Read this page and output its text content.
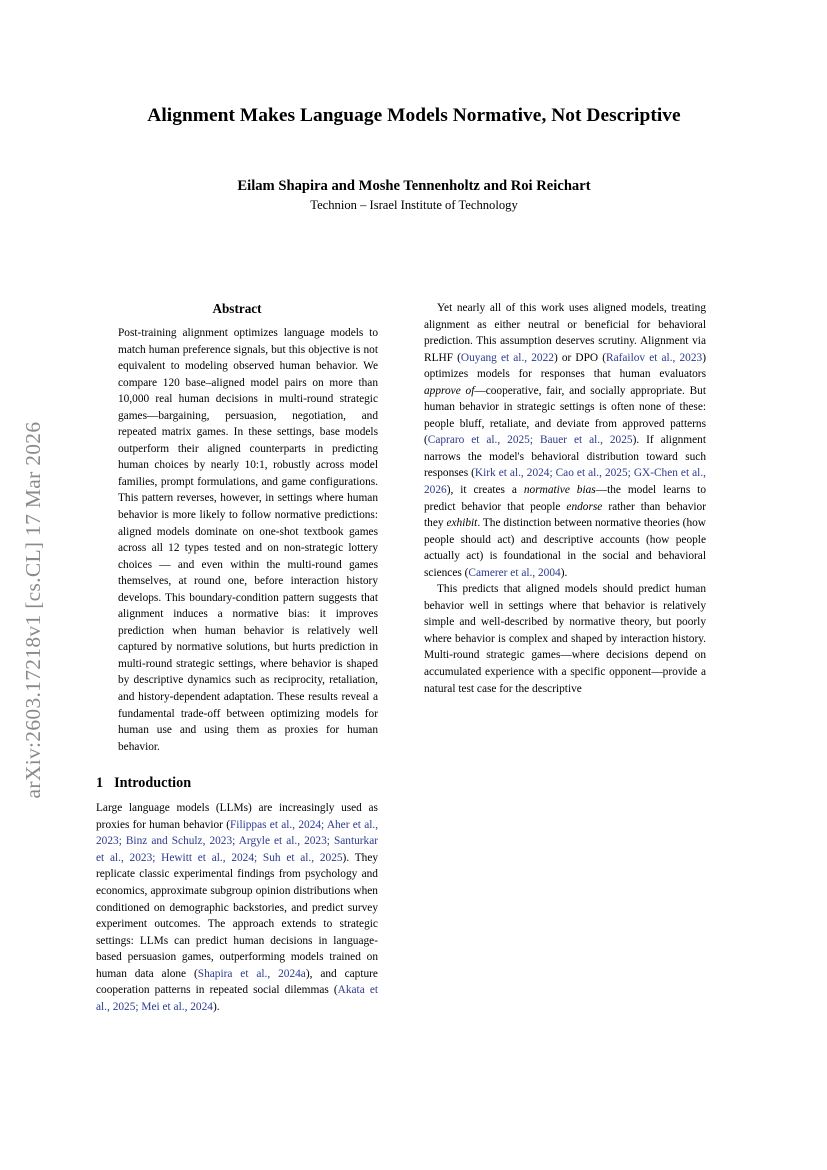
arXiv:2603.17218v1 [cs.CL] 17 Mar 2026
Alignment Makes Language Models Normative, Not Descriptive
Eilam Shapira and Moshe Tennenholtz and Roi Reichart
Technion – Israel Institute of Technology
Abstract

Post-training alignment optimizes language models to match human preference signals, but this objective is not equivalent to modeling observed human behavior. We compare 120 base–aligned model pairs on more than 10,000 real human decisions in multi-round strategic games—bargaining, persuasion, negotiation, and repeated matrix games. In these settings, base models outperform their aligned counterparts in predicting human choices by nearly 10:1, robustly across model families, prompt formulations, and game configurations. This pattern reverses, however, in settings where human behavior is more likely to follow normative predictions: aligned models dominate on one-shot textbook games across all 12 types tested and on non-strategic lottery choices — and even within the multi-round games themselves, at round one, before interaction history develops. This boundary-condition pattern suggests that alignment induces a normative bias: it improves prediction when human behavior is relatively well captured by normative solutions, but hurts prediction in multi-round strategic settings, where behavior is shaped by descriptive dynamics such as reciprocity, retaliation, and history-dependent adaptation. These results reveal a fundamental trade-off between optimizing models for human use and using them as proxies for human behavior.

1 Introduction

Large language models (LLMs) are increasingly used as proxies for human behavior (Filippas et al., 2024; Aher et al., 2023; Binz and Schulz, 2023; Argyle et al., 2023; Santurkar et al., 2023; Hewitt et al., 2024; Suh et al., 2025). They replicate classic experimental findings from psychology and economics, approximate subgroup opinion distributions when conditioned on demographic backstories, and predict survey experiment outcomes. The approach extends to strategic settings: LLMs can predict human decisions in language-based persuasion games, outperforming models trained on human data alone (Shapira et al., 2024a), and capture cooperation patterns in repeated social dilemmas (Akata et al., 2025; Mei et al., 2024).

Yet nearly all of this work uses aligned models, treating alignment as either neutral or beneficial for behavioral prediction. This assumption deserves scrutiny. Alignment via RLHF (Ouyang et al., 2022) or DPO (Rafailov et al., 2023) optimizes models for responses that human evaluators approve of—cooperative, fair, and socially appropriate. But human behavior in strategic settings is often none of these: people bluff, retaliate, and deviate from approved patterns (Capraro et al., 2025; Bauer et al., 2025). If alignment narrows the model's behavioral distribution toward such responses (Kirk et al., 2024; Cao et al., 2025; GX-Chen et al., 2026), it creates a normative bias—the model learns to predict behavior that people endorse rather than behavior they exhibit. The distinction between normative theories (how people should act) and descriptive accounts (how people actually act) is foundational in the social and behavioral sciences (Camerer et al., 2004).

This predicts that aligned models should predict human behavior well in settings where that behavior is relatively simple and well-described by normative theory, but poorly where behavior is complex and shaped by interaction history. Multi-round strategic games—where decisions depend on accumulated experience with a specific opponent—provide a natural test case for the descriptive
